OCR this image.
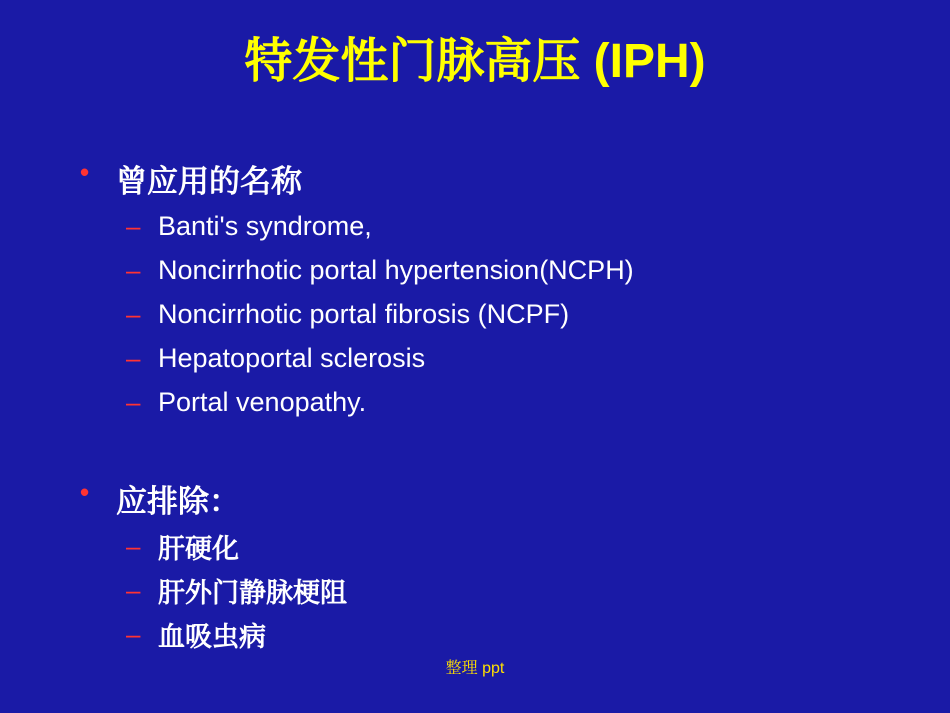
特发性门脉高压 (IPH)
• 曾应用的名称
– Banti's syndrome,
– Noncirrhotic portal hypertension(NCPH)
– Noncirrhotic portal fibrosis (NCPF)
– Hepatoportal sclerosis
– Portal venopathy.
• 应排除：
– 肝硬化
– 肝外门静脉梗阻
– 血吸虫病
整理 ppt
